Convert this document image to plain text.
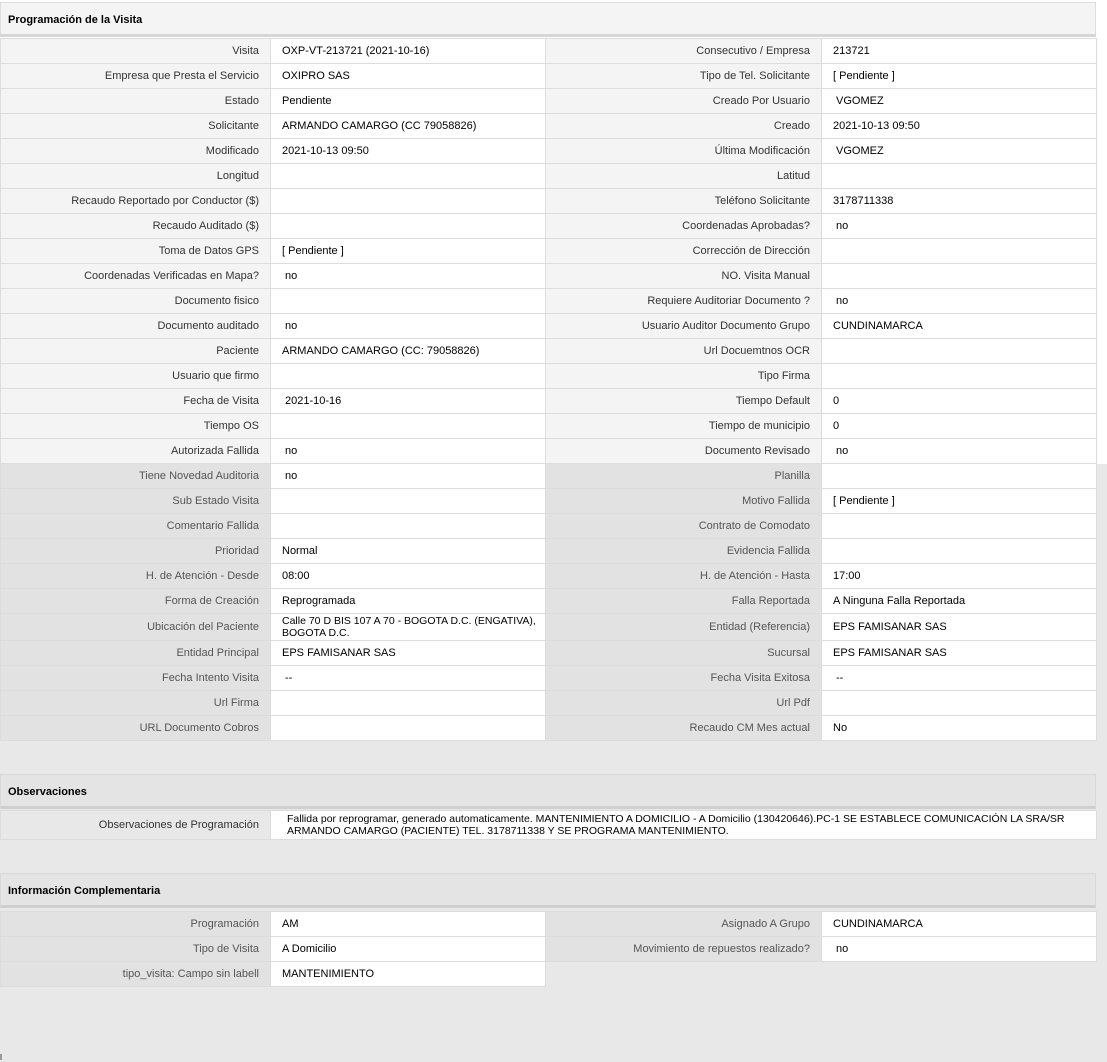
Programación de la Visita
Visita	OXP-VT-213721 (2021-10-16)	Consecutivo / Empresa	213721
Empresa que Presta el Servicio	OXIPRO SAS	Tipo de Tel. Solicitante	[ Pendiente ]
Estado	Pendiente	Creado Por Usuario	VGOMEZ
Solicitante	ARMANDO CAMARGO (CC 79058826)	Creado	2021-10-13 09:50
Modificado	2021-10-13 09:50	Última Modificación	VGOMEZ
Longitud		Latitud	
Recaudo Reportado por Conductor ($)		Teléfono Solicitante	3178711338
Recaudo Auditado ($)		Coordenadas Aprobadas?	no
Toma de Datos GPS	[ Pendiente ]	Corrección de Dirección	
Coordenadas Verificadas en Mapa?	no	NO. Visita Manual	
Documento fisico		Requiere Auditoriar Documento ?	no
Documento auditado	no	Usuario Auditor Documento Grupo	CUNDINAMARCA
Paciente	ARMANDO CAMARGO (CC: 79058826)	Url Docuemtnos OCR	
Usuario que firmo		Tipo Firma	
Fecha de Visita	2021-10-16	Tiempo Default	0
Tiempo OS		Tiempo de municipio	0
Autorizada Fallida	no	Documento Revisado	no
Tiene Novedad Auditoria	no	Planilla	
Sub Estado Visita		Motivo Fallida	[ Pendiente ]
Comentario Fallida		Contrato de Comodato	
Prioridad	Normal	Evidencia Fallida	
H. de Atención - Desde	08:00	H. de Atención - Hasta	17:00
Forma de Creación	Reprogramada	Falla Reportada	A Ninguna Falla Reportada
Ubicación del Paciente	Calle 70 D BIS 107 A 70 - BOGOTA D.C. (ENGATIVA), BOGOTA D.C.	Entidad (Referencia)	EPS FAMISANAR SAS
Entidad Principal	EPS FAMISANAR SAS	Sucursal	EPS FAMISANAR SAS
Fecha Intento Visita	--	Fecha Visita Exitosa	--
Url Firma		Url Pdf	
URL Documento Cobros		Recaudo CM Mes actual	No
Observaciones
Observaciones de Programación	Fallida por reprogramar, generado automaticamente. MANTENIMIENTO A DOMICILIO - A Domicilio (130420646).PC-1 SE ESTABLECE COMUNICACIÓN LA SRA/SR ARMANDO CAMARGO (PACIENTE) TEL. 3178711338 Y SE PROGRAMA MANTENIMIENTO.
Información Complementaria
Programación	AM	Asignado A Grupo	CUNDINAMARCA
Tipo de Visita	A Domicilio	Movimiento de repuestos realizado?	no
tipo_visita: Campo sin labell	MANTENIMIENTO		
